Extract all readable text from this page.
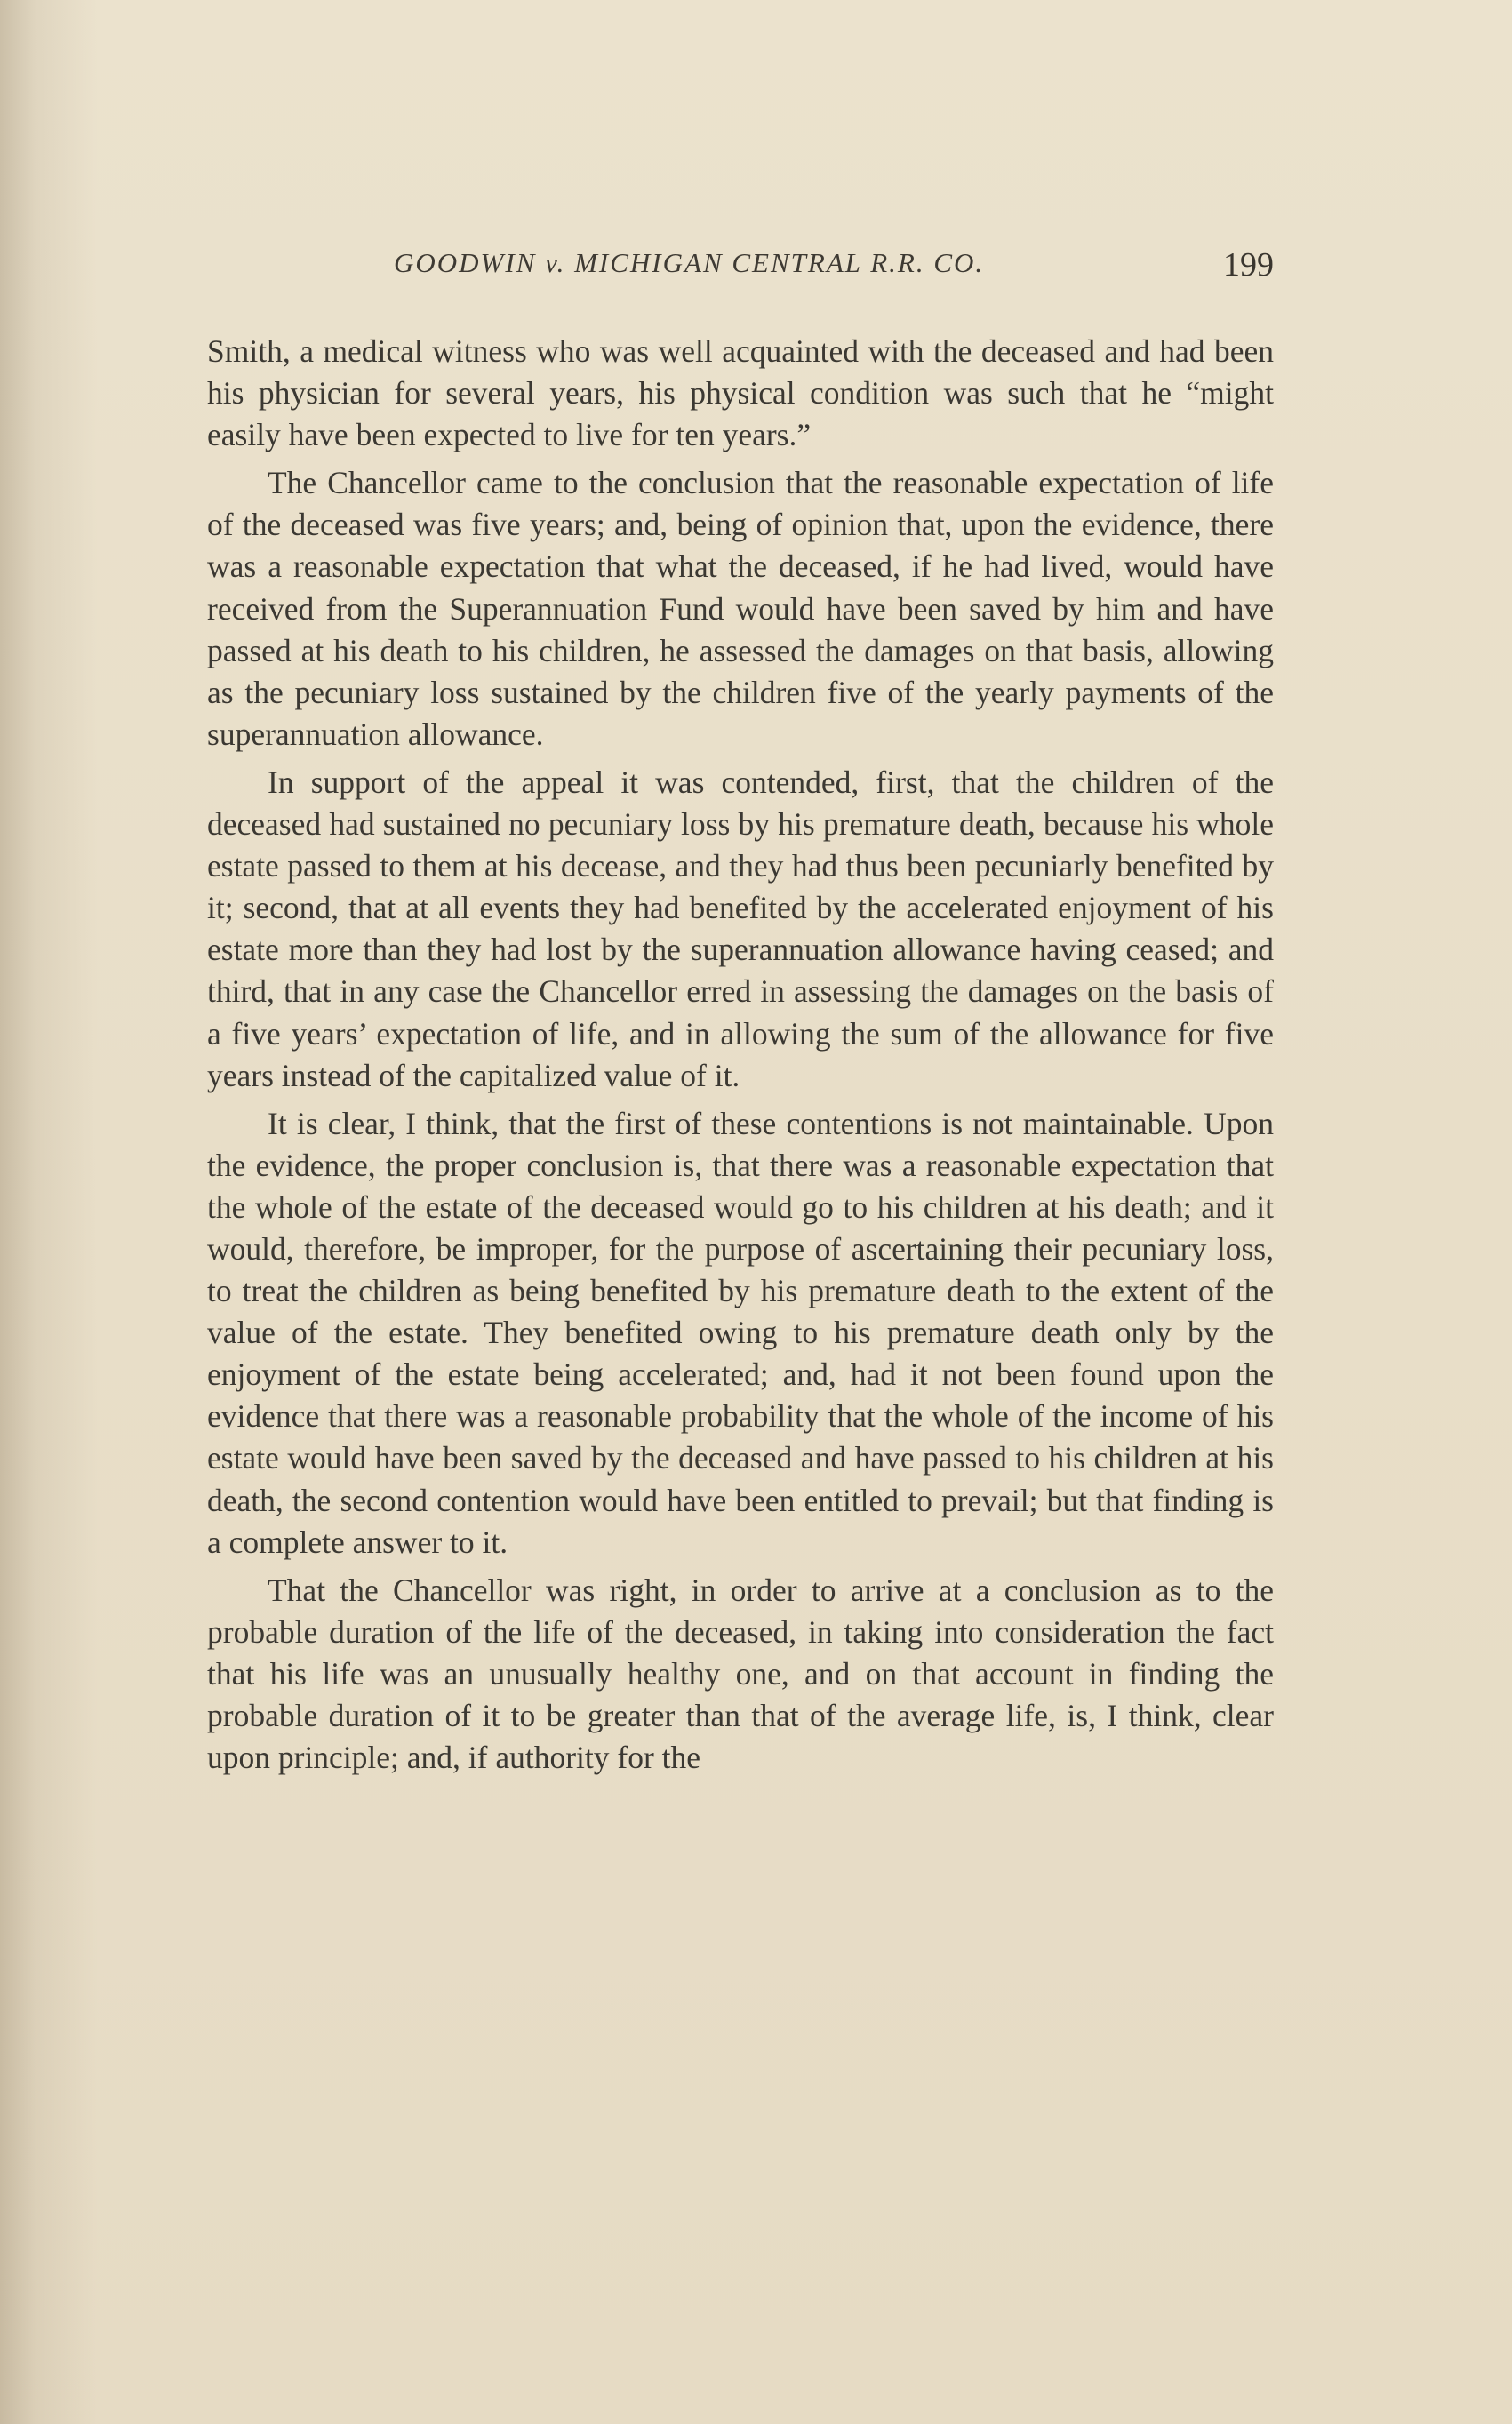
GOODWIN v. MICHIGAN CENTRAL R.R. CO.	199

Smith, a medical witness who was well acquainted with the deceased and had been his physician for several years, his physical condition was such that he “might easily have been expected to live for ten years.”

The Chancellor came to the conclusion that the reasonable expectation of life of the deceased was five years; and, being of opinion that, upon the evidence, there was a reasonable expectation that what the deceased, if he had lived, would have received from the Superannuation Fund would have been saved by him and have passed at his death to his children, he assessed the damages on that basis, allowing as the pecuniary loss sustained by the children five of the yearly payments of the superannuation allowance.

In support of the appeal it was contended, first, that the children of the deceased had sustained no pecuniary loss by his premature death, because his whole estate passed to them at his decease, and they had thus been pecuniarly benefited by it; second, that at all events they had benefited by the accelerated enjoyment of his estate more than they had lost by the superannuation allowance having ceased; and third, that in any case the Chancellor erred in assessing the damages on the basis of a five years’ expectation of life, and in allowing the sum of the allowance for five years instead of the capitalized value of it.

It is clear, I think, that the first of these contentions is not maintainable. Upon the evidence, the proper conclusion is, that there was a reasonable expectation that the whole of the estate of the deceased would go to his children at his death; and it would, therefore, be improper, for the purpose of ascertaining their pecuniary loss, to treat the children as being benefited by his premature death to the extent of the value of the estate. They benefited owing to his premature death only by the enjoyment of the estate being accelerated; and, had it not been found upon the evidence that there was a reasonable probability that the whole of the income of his estate would have been saved by the deceased and have passed to his children at his death, the second contention would have been entitled to prevail; but that finding is a complete answer to it.

That the Chancellor was right, in order to arrive at a conclusion as to the probable duration of the life of the deceased, in taking into consideration the fact that his life was an unusually healthy one, and on that account in finding the probable duration of it to be greater than that of the average life, is, I think, clear upon principle; and, if authority for the
